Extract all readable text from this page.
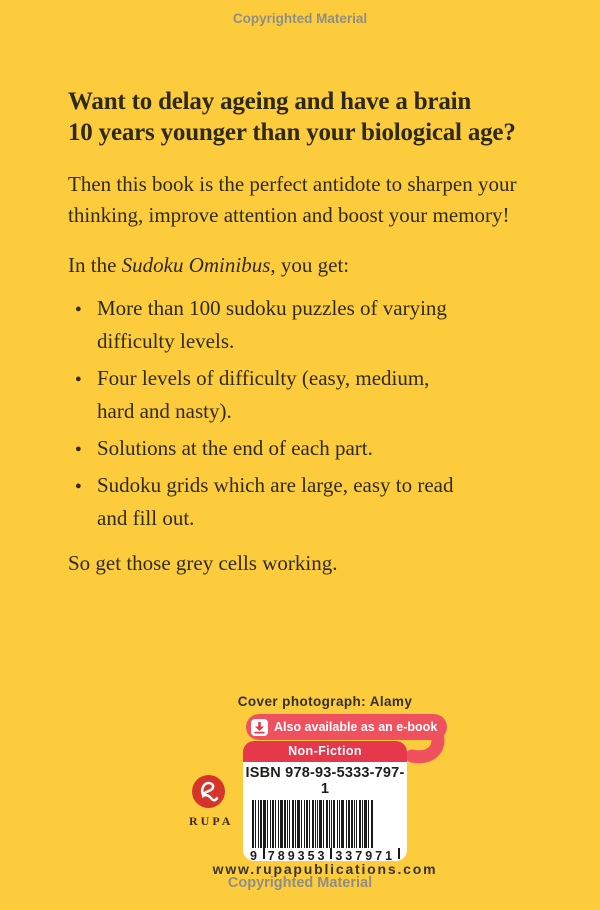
Copyrighted Material
Want to delay ageing and have a brain
10 years younger than your biological age?

Then this book is the perfect antidote to sharpen your
thinking, improve attention and boost your memory!

In the Sudoku Ominibus, you get:

● More than 100 sudoku puzzles of varying
difficulty levels.
● Four levels of difficulty (easy, medium,
hard and nasty).
● Solutions at the end of each part.
● Sudoku grids which are large, easy to read
and fill out.

So get those grey cells working.

Cover photograph: Alamy
Also available as an e-book
Non-Fiction
ISBN 978-93-5333-797-1
9 789353 337971
RUPA
www.rupapublications.com
Copyrighted Material
